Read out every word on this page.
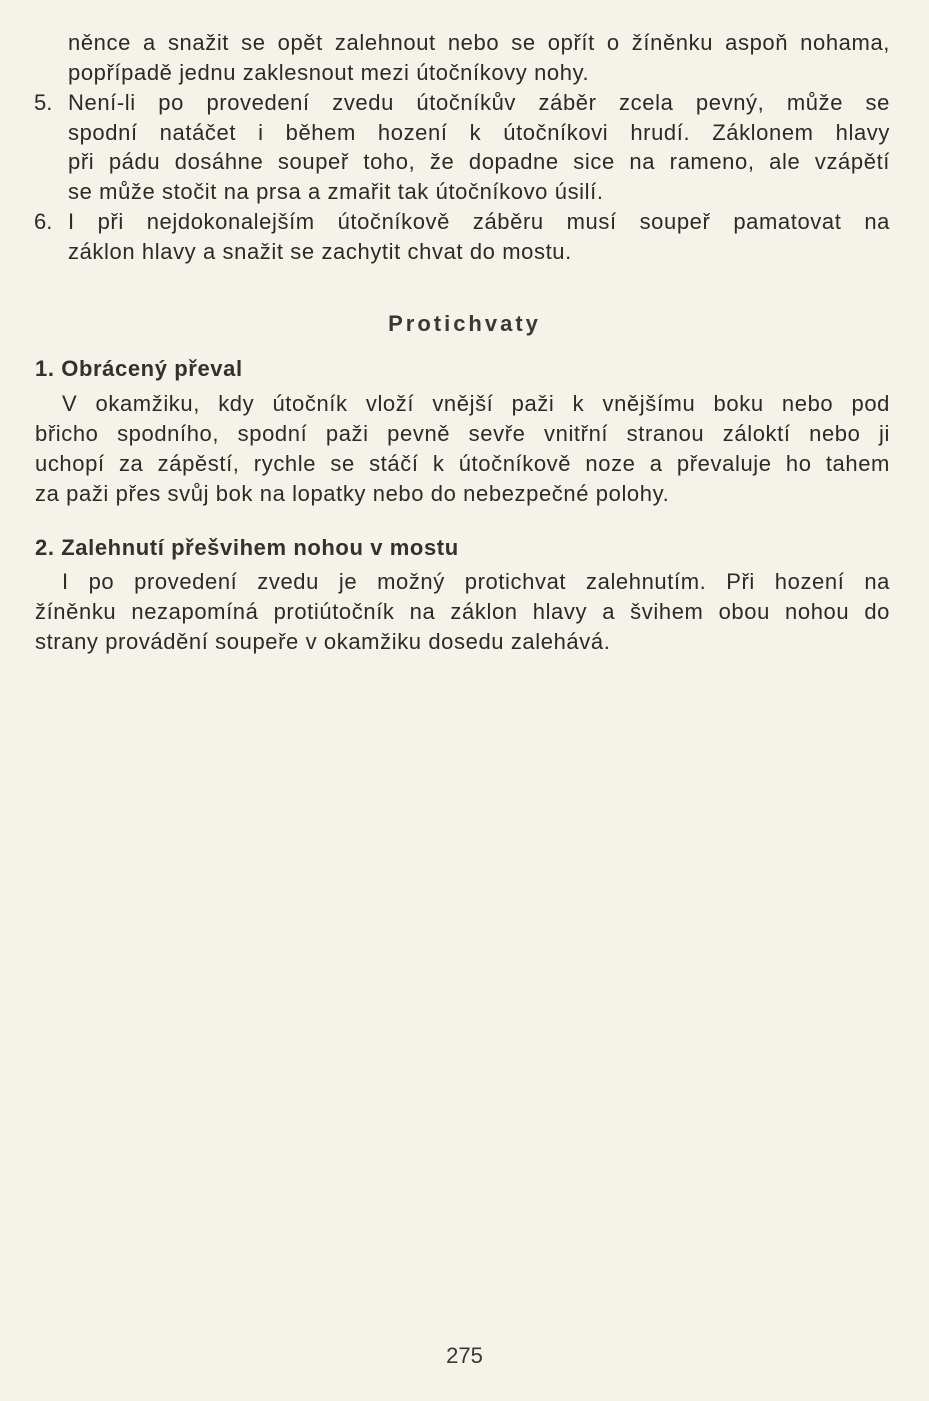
něnce a snažit se opět zalehnout nebo se opřít o žíněnku aspoň nohama,
popřípadě jednu zaklesnout mezi útočníkovy nohy.
5. Není-li po provedení zvedu útočníkův záběr zcela pevný, může se
spodní natáčet i během hození k útočníkovi hrudí. Záklonem hlavy
při pádu dosáhne soupeř toho, že dopadne sice na rameno, ale vzápětí
se může stočit na prsa a zmařit tak útočníkovo úsilí.
6. I při nejdokonalejším útočníkově záběru musí soupeř pamatovat na
záklon hlavy a snažit se zachytit chvat do mostu.
Protichvaty
1. Obrácený převal
V okamžiku, kdy útočník vloží vnější paži k vnějšímu boku nebo pod
břicho spodního, spodní paži pevně sevře vnitřní stranou záloktí nebo ji
uchopí za zápěstí, rychle se stáčí k útočníkově noze a převaluje ho tahem
za paži přes svůj bok na lopatky nebo do nebezpečné polohy.
2. Zalehnutí přešvihem nohou v mostu
I po provedení zvedu je možný protichvat zalehnutím. Při hození na
žíněnku nezapomíná protiútočník na záklon hlavy a švihem obou nohou do
strany provádění soupeře v okamžiku dosedu zalehává.
275
